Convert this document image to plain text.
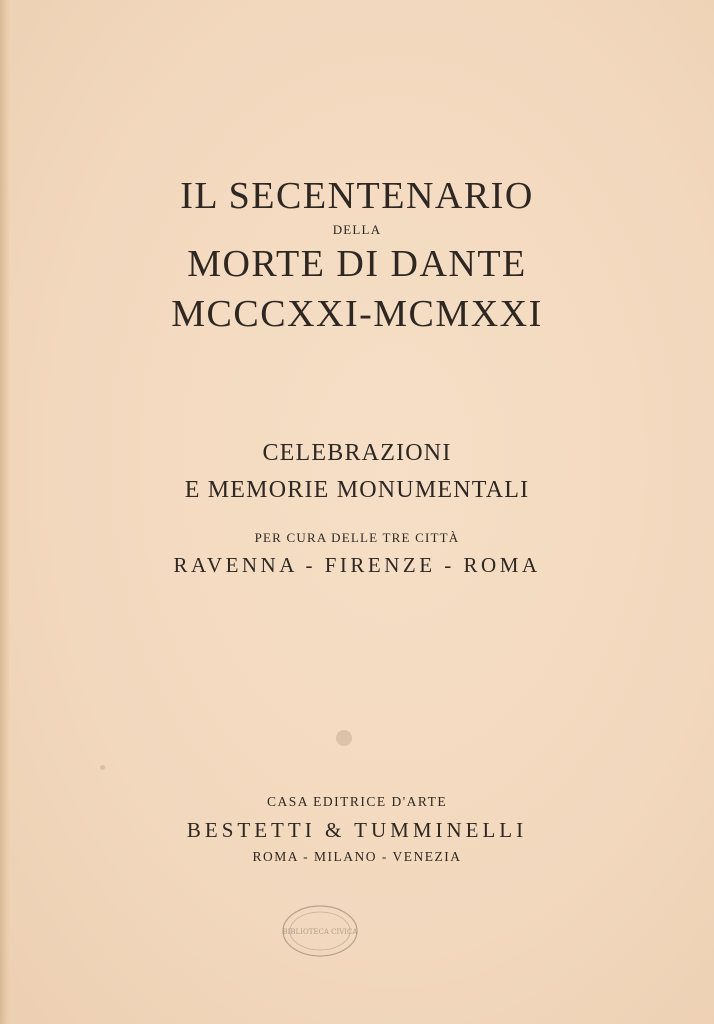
IL SECENTENARIO
DELLA
MORTE DI DANTE
MCCCXXI-MCMXXI
CELEBRAZIONI
E MEMORIE MONUMENTALI
PER CURA DELLE TRE CITTÀ
RAVENNA - FIRENZE - ROMA
CASA EDITRICE D'ARTE
BESTETTI & TUMMINELLI
ROMA - MILANO - VENEZIA
BIBLIOTECA CIVICA
